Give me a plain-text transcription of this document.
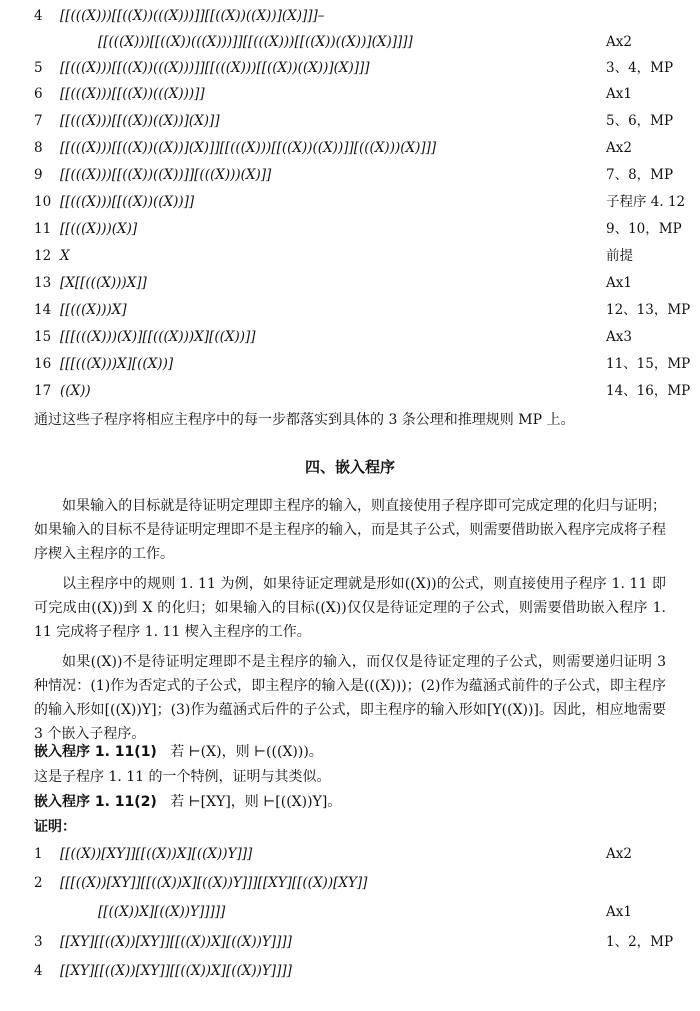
4 [[(((X)))[[((X))(((X)))]][[((X))((X))](X)]]]–
[[(((X)))[[((X))(((X)))]][[(((X)))[[((X))((X))](X)]]]]	Ax2
5 [[(((X)))[[((X))(((X)))]][[(((X)))[[((X))((X))](X)]]]	3、4，MP
6 [[(((X)))[[((X))(((X)))]]	Ax1
7 [[(((X)))[[((X))((X))](X)]]	5、6，MP
8 [[(((X)))[[((X))((X))](X)]][[(((X)))[[((X))((X))]][(((X)))(X)]]]	Ax2
9 [[(((X)))[[((X))((X))]][(((X)))(X)]]	7、8，MP
10 [[(((X)))[[((X))((X))]]	子程序 4. 12
11 [[(((X)))(X)]	9、10，MP
12 X	前提
13 [X[[(((X)))X]]	Ax1
14 [[(((X)))X]	12、13，MP
15 [[[(((X)))(X)][[(((X)))X][((X))]]	Ax3
16 [[[(((X)))X][((X))]	11、15，MP
17 ((X))	14、16，MP
通过这些子程序将相应主程序中的每一步都落实到具体的 3 条公理和推理规则 MP 上。
四、嵌入程序
如果输入的目标就是待证明定理即主程序的输入，则直接使用子程序即可完成定理的化归与证明；如果输入的目标不是待证明定理即不是主程序的输入，而是其子公式，则需要借助嵌入程序完成将子程序楔入主程序的工作。
以主程序中的规则 1. 11 为例，如果待证定理就是形如((X))的公式，则直接使用子程序 1. 11 即可完成由((X))到 X 的化归；如果输入的目标((X))仅仅是待证定理的子公式，则需要借助嵌入程序 1. 11 完成将子程序 1. 11 楔入主程序的工作。
如果((X))不是待证明定理即不是主程序的输入，而仅仅是待证定理的子公式，则需要递归证明 3 种情况：(1)作为否定式的子公式，即主程序的输入是(((X)))；(2)作为蕴涵式前件的子公式，即主程序的输入形如[((X))Y]；(3)作为蕴涵式后件的子公式，即主程序的输入形如[Y((X))]。因此，相应地需要 3 个嵌入子程序。
嵌入程序 1. 11(1) 若 ⊢(X)，则 ⊢(((X)))。
这是子程序 1. 11 的一个特例，证明与其类似。
嵌入程序 1. 11(2) 若 ⊢[XY]，则 ⊢[((X))Y]。
证明：
1 [[((X))[XY]][[((X))X][((X))Y]]]	Ax2
2 [[[((X))[XY]][[((X))X][((X))Y]]][[XY][[((X))[XY]]
[[((X))X][((X))Y]]]]]	Ax1
3 [[XY][[((X))[XY]][[((X))X][((X))Y]]]]	1、2，MP
4 [[XY][[((X))[XY]][[((X))X][((X))Y]]]]
